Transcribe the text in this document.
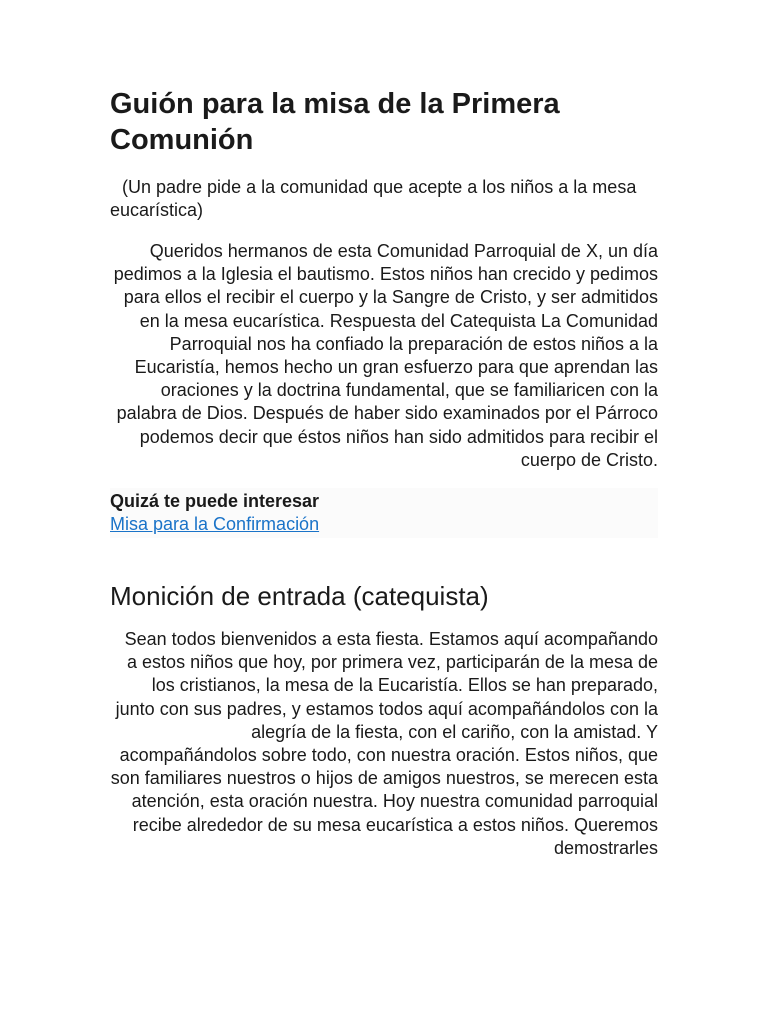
Guión para la misa de la Primera Comunión

(Un padre pide a la comunidad que acepte a los niños a la mesa eucarística)

Queridos hermanos de esta Comunidad Parroquial de X, un día pedimos a la Iglesia el bautismo. Estos niños han crecido y pedimos para ellos el recibir el cuerpo y la Sangre de Cristo, y ser admitidos en la mesa eucarística. Respuesta del Catequista La Comunidad Parroquial nos ha confiado la preparación de estos niños a la Eucaristía, hemos hecho un gran esfuerzo para que aprendan las oraciones y la doctrina fundamental, que se familiaricen con la palabra de Dios. Después de haber sido examinados por el Párroco podemos decir que éstos niños han sido admitidos para recibir el cuerpo de Cristo.

Quizá te puede interesar
Misa para la Confirmación
Monición de entrada (catequista)

Sean todos bienvenidos a esta fiesta. Estamos aquí acompañando a estos niños que hoy, por primera vez, participarán de la mesa de los cristianos, la mesa de la Eucaristía. Ellos se han preparado, junto con sus padres, y estamos todos aquí acompañándolos con la alegría de la fiesta, con el cariño, con la amistad. Y acompañándolos sobre todo, con nuestra oración. Estos niños, que son familiares nuestros o hijos de amigos nuestros, se merecen esta atención, esta oración nuestra. Hoy nuestra comunidad parroquial recibe alrededor de su mesa eucarística a estos niños. Queremos demostrarles
